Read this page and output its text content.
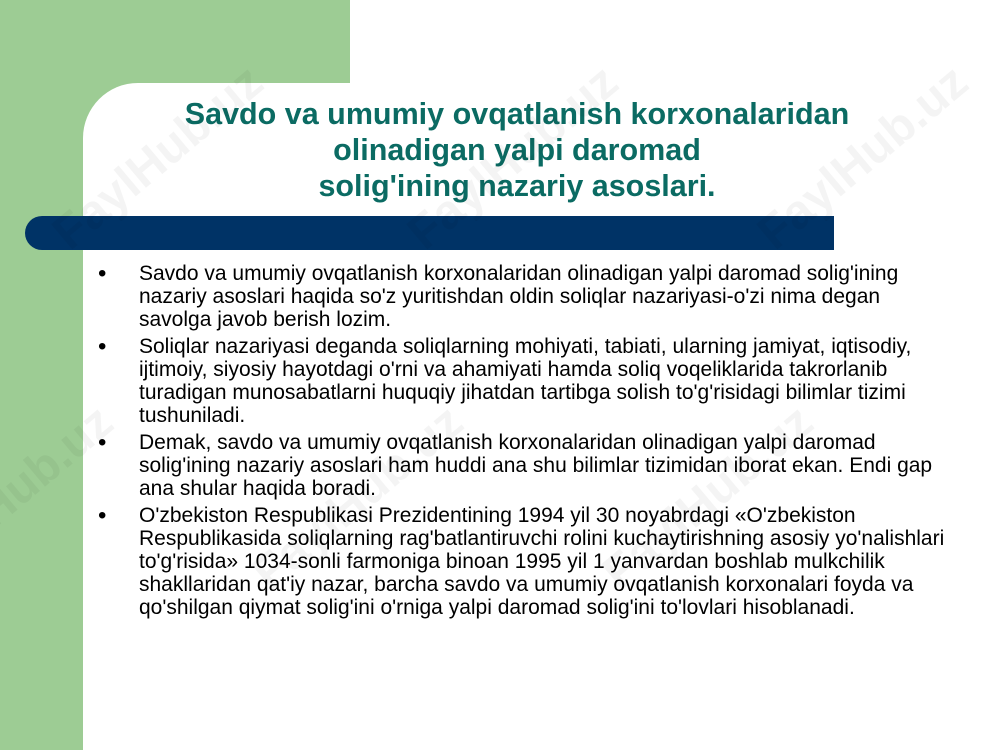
Savdo va umumiy ovqatlanish korxonalaridan
olinadigan yalpi daromad
solig'ining nazariy asoslari.
• Savdo va umumiy ovqatlanish korxonalaridan olinadigan yalpi daromad solig'ining nazariy asoslari haqida so'z yuritishdan oldin soliqlar nazariyasi-o'zi nima degan savolga javob berish lozim.
• Soliqlar nazariyasi deganda soliqlarning mohiyati, tabiati, ularning jamiyat, iqtisodiy, ijtimoiy, siyosiy hayotdagi o'rni va ahamiyati hamda soliq voqeliklarida takrorlanib turadigan munosabatlarni huquqiy jihatdan tartibga solish to'g'risidagi bilimlar tizimi tushuniladi.
• Demak, savdo va umumiy ovqatlanish korxonalaridan olinadigan yalpi daromad solig'ining nazariy asoslari ham huddi ana shu bilimlar tizimidan iborat ekan. Endi gap ana shular haqida boradi.
• O'zbekiston Respublikasi Prezidentining 1994 yil 30 noyabrdagi «O'zbekiston Respublikasida soliqlarning rag'batlantiruvchi rolini kuchaytirishning asosiy yo'nalishlari to'g'risida» 1034-sonli farmoniga binoan 1995 yil 1 yanvardan boshlab mulkchilik shakllaridan qat'iy nazar, barcha savdo va umumiy ovqatlanish korxonalari foyda va qo'shilgan qiymat solig'ini o'rniga yalpi daromad solig'ini to'lovlari hisoblanadi.
